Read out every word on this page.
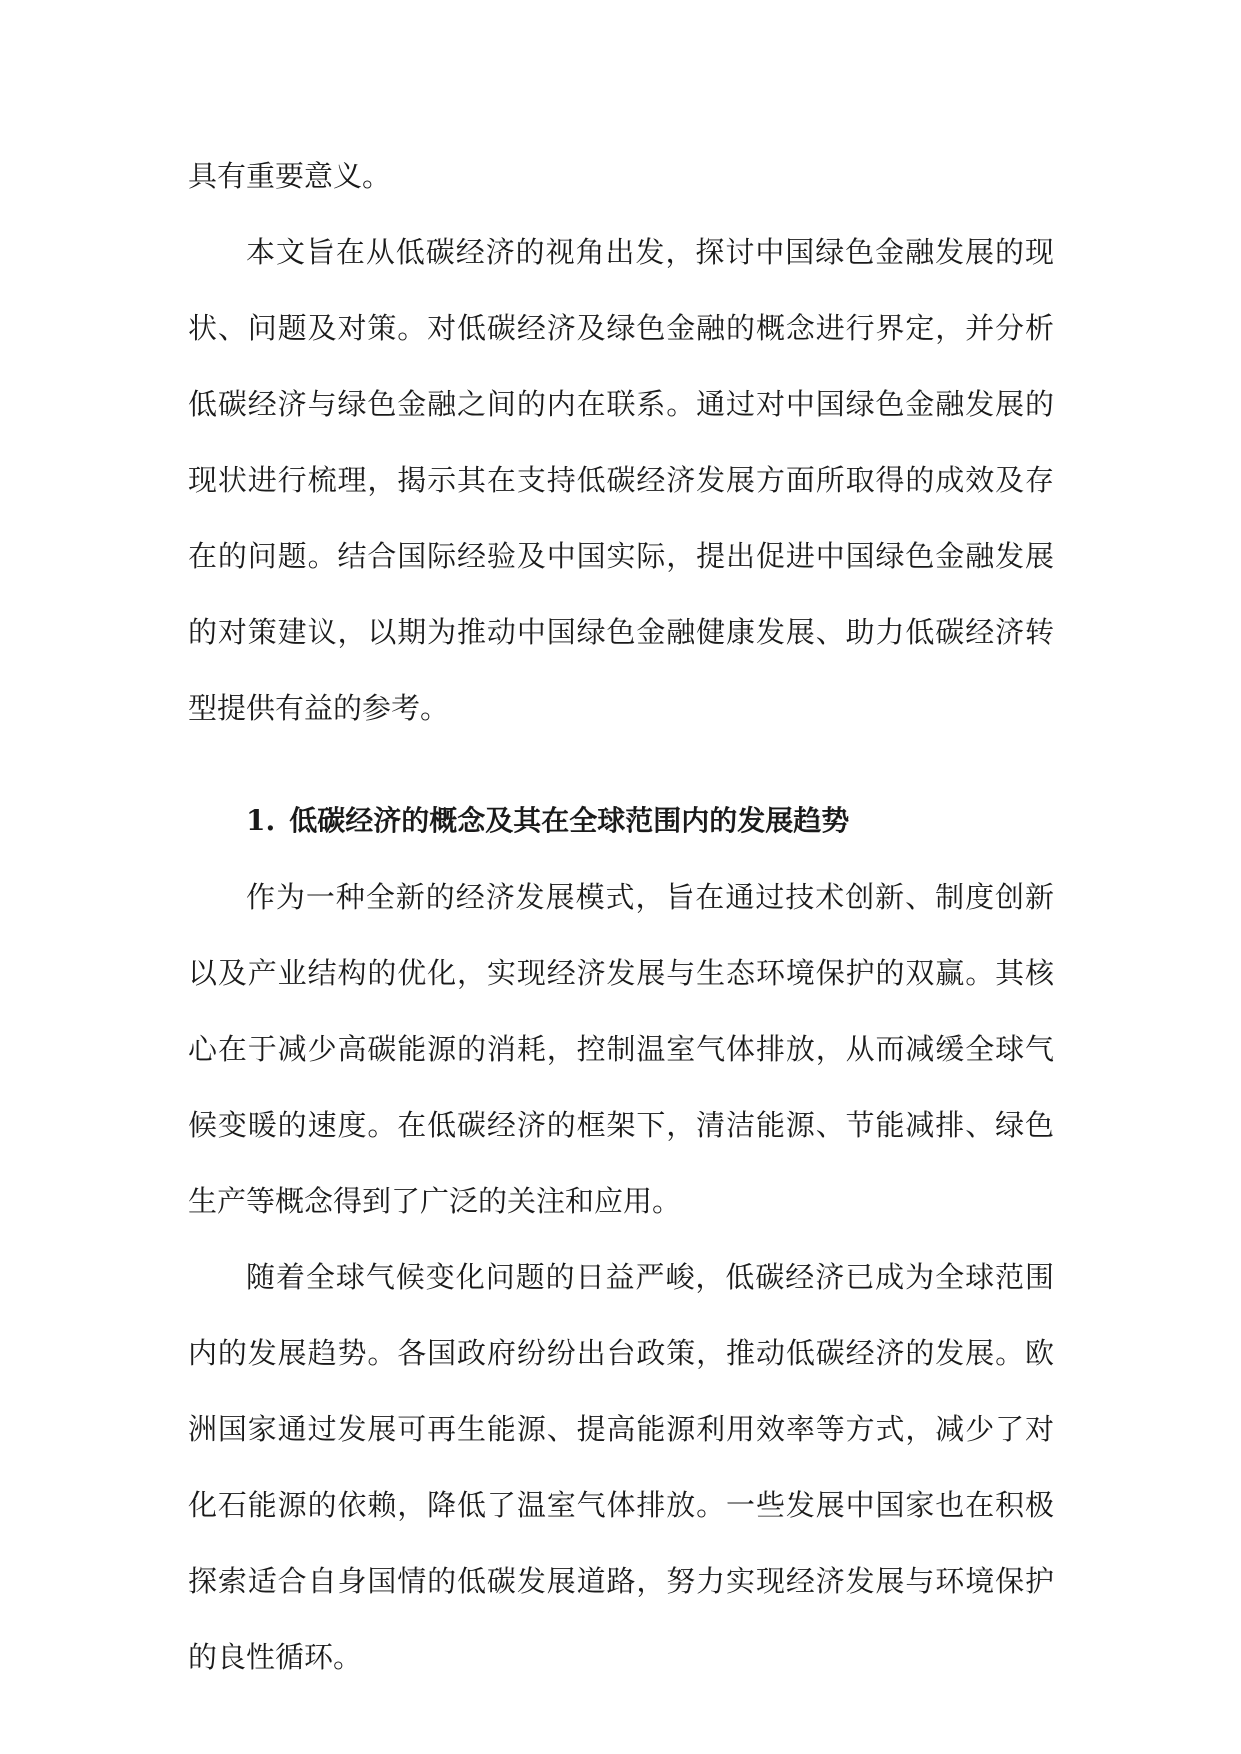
具有重要意义。

本文旨在从低碳经济的视角出发，探讨中国绿色金融发展的现状、问题及对策。对低碳经济及绿色金融的概念进行界定，并分析低碳经济与绿色金融之间的内在联系。通过对中国绿色金融发展的现状进行梳理，揭示其在支持低碳经济发展方面所取得的成效及存在的问题。结合国际经验及中国实际，提出促进中国绿色金融发展的对策建议，以期为推动中国绿色金融健康发展、助力低碳经济转型提供有益的参考。

1. 低碳经济的概念及其在全球范围内的发展趋势

作为一种全新的经济发展模式，旨在通过技术创新、制度创新以及产业结构的优化，实现经济发展与生态环境保护的双赢。其核心在于减少高碳能源的消耗，控制温室气体排放，从而减缓全球气候变暖的速度。在低碳经济的框架下，清洁能源、节能减排、绿色生产等概念得到了广泛的关注和应用。

随着全球气候变化问题的日益严峻，低碳经济已成为全球范围内的发展趋势。各国政府纷纷出台政策，推动低碳经济的发展。欧洲国家通过发展可再生能源、提高能源利用效率等方式，减少了对化石能源的依赖，降低了温室气体排放。一些发展中国家也在积极探索适合自身国情的低碳发展道路，努力实现经济发展与环境保护的良性循环。
